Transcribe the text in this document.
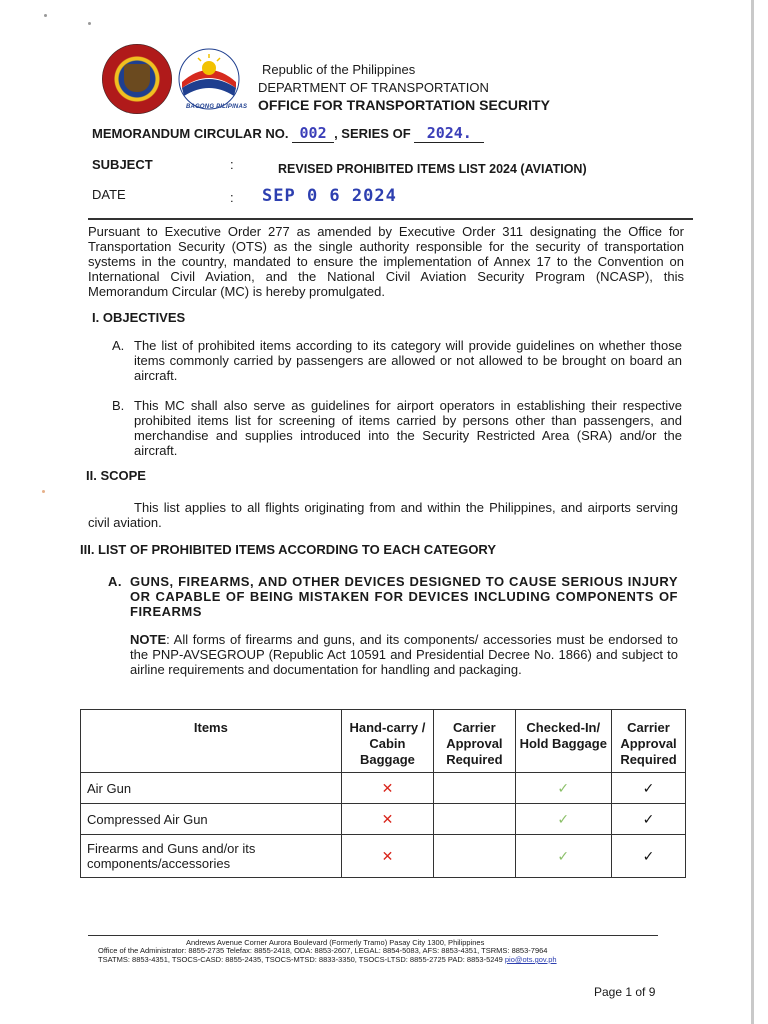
BAGONG PILIPINAS
Republic of the Philippines
DEPARTMENT OF TRANSPORTATION
OFFICE FOR TRANSPORTATION SECURITY
MEMORANDUM CIRCULAR NO. 002 , SERIES OF 2024.
SUBJECT	:	REVISED PROHIBITED ITEMS LIST 2024 (AVIATION)
DATE	: SEP 0 6 2024
Pursuant to Executive Order 277 as amended by Executive Order 311 designating the Office for Transportation Security (OTS) as the single authority responsible for the security of transportation systems in the country, mandated to ensure the implementation of Annex 17 to the Convention on International Civil Aviation, and the National Civil Aviation Security Program (NCASP), this Memorandum Circular (MC) is hereby promulgated.
I. OBJECTIVES
A. The list of prohibited items according to its category will provide guidelines on whether those items commonly carried by passengers are allowed or not allowed to be brought on board an aircraft.
B. This MC shall also serve as guidelines for airport operators in establishing their respective prohibited items list for screening of items carried by persons other than passengers, and merchandise and supplies introduced into the Security Restricted Area (SRA) and/or the aircraft.
II. SCOPE
This list applies to all flights originating from and within the Philippines, and airports serving civil aviation.
III. LIST OF PROHIBITED ITEMS ACCORDING TO EACH CATEGORY
A. GUNS, FIREARMS, AND OTHER DEVICES DESIGNED TO CAUSE SERIOUS INJURY OR CAPABLE OF BEING MISTAKEN FOR DEVICES INCLUDING COMPONENTS OF FIREARMS
NOTE: All forms of firearms and guns, and its components/ accessories must be endorsed to the PNP-AVSEGROUP (Republic Act 10591 and Presidential Decree No. 1866) and subject to airline requirements and documentation for handling and packaging.
Items	Hand-carry / Cabin Baggage	Carrier Approval Required	Checked-In/ Hold Baggage	Carrier Approval Required
Air Gun	✕		✓	✓
Compressed Air Gun	✕		✓	✓
Firearms and Guns and/or its components/accessories	✕		✓	✓
Andrews Avenue Corner Aurora Boulevard (Formerly Tramo) Pasay City 1300, Philippines
Office of the Administrator: 8855-2735 Telefax: 8855-2418, ODA: 8853-2607, LEGAL: 8854-5083, AFS: 8853-4351, TSRMS: 8853-7964
TSATMS: 8853-4351, TSOCS-CASD: 8855-2435, TSOCS-MTSD: 8833-3350, TSOCS-LTSD: 8855-2725 PAD: 8853-5249 pio@ots.gov.ph
Page 1 of 9
